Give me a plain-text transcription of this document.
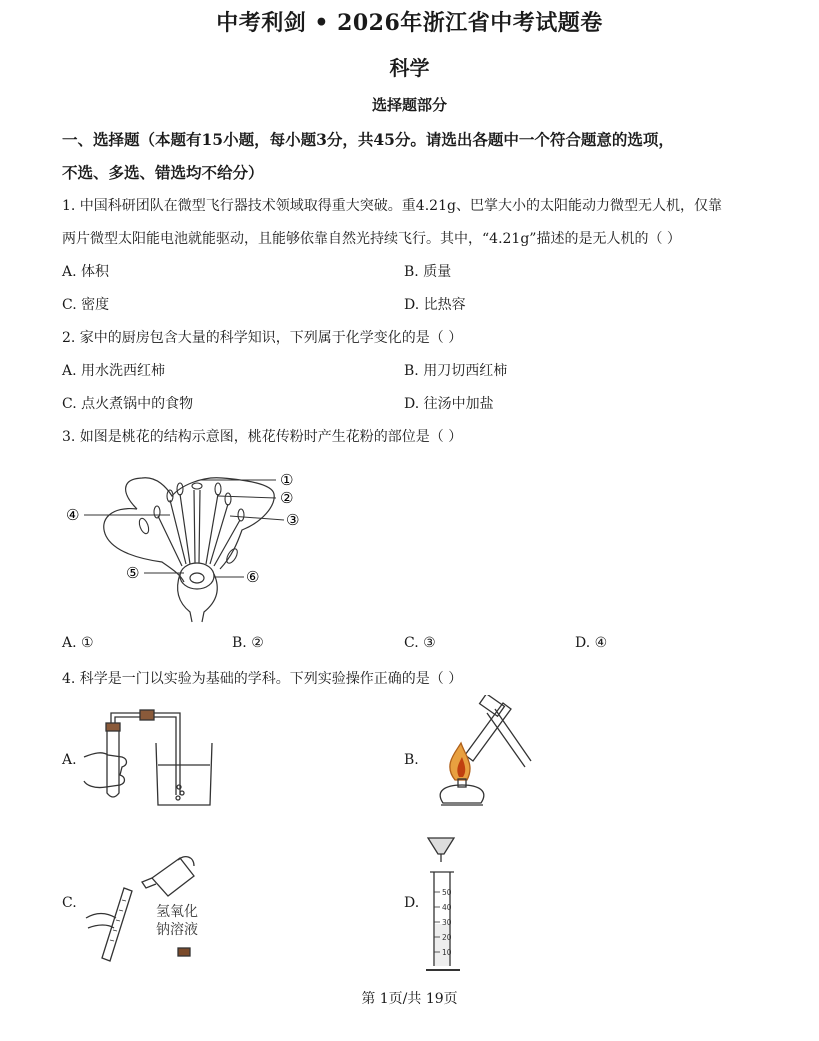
中考利剑 • 2026年浙江省中考试题卷
科学
选择题部分
一、选择题（本题有15小题，每小题3分，共45分。请选出各题中一个符合题意的选项，
不选、多选、错选均不给分）
1. 中国科研团队在微型飞行器技术领域取得重大突破。重4.21g、巴掌大小的太阳能动力微型无人机，仅靠
两片微型太阳能电池就能驱动，且能够依靠自然光持续飞行。其中，“4.21g”描述的是无人机的（ ）
A. 体积	B. 质量
C. 密度	D. 比热容
2. 家中的厨房包含大量的科学知识，下列属于化学变化的是（ ）
A. 用水洗西红柿	B. 用刀切西红柿
C. 点火煮锅中的食物	D. 往汤中加盐
3. 如图是桃花的结构示意图，桃花传粉时产生花粉的部位是（ ）
①
②
③
④
⑤	⑥
A. ①	B. ②	C. ③	D. ④
4. 科学是一门以实验为基础的学科。下列实验操作正确的是（ ）
A.	B.
C.
氢氧化
钠溶液
D.
50
40
30
20
10
第 1页/共 19页
